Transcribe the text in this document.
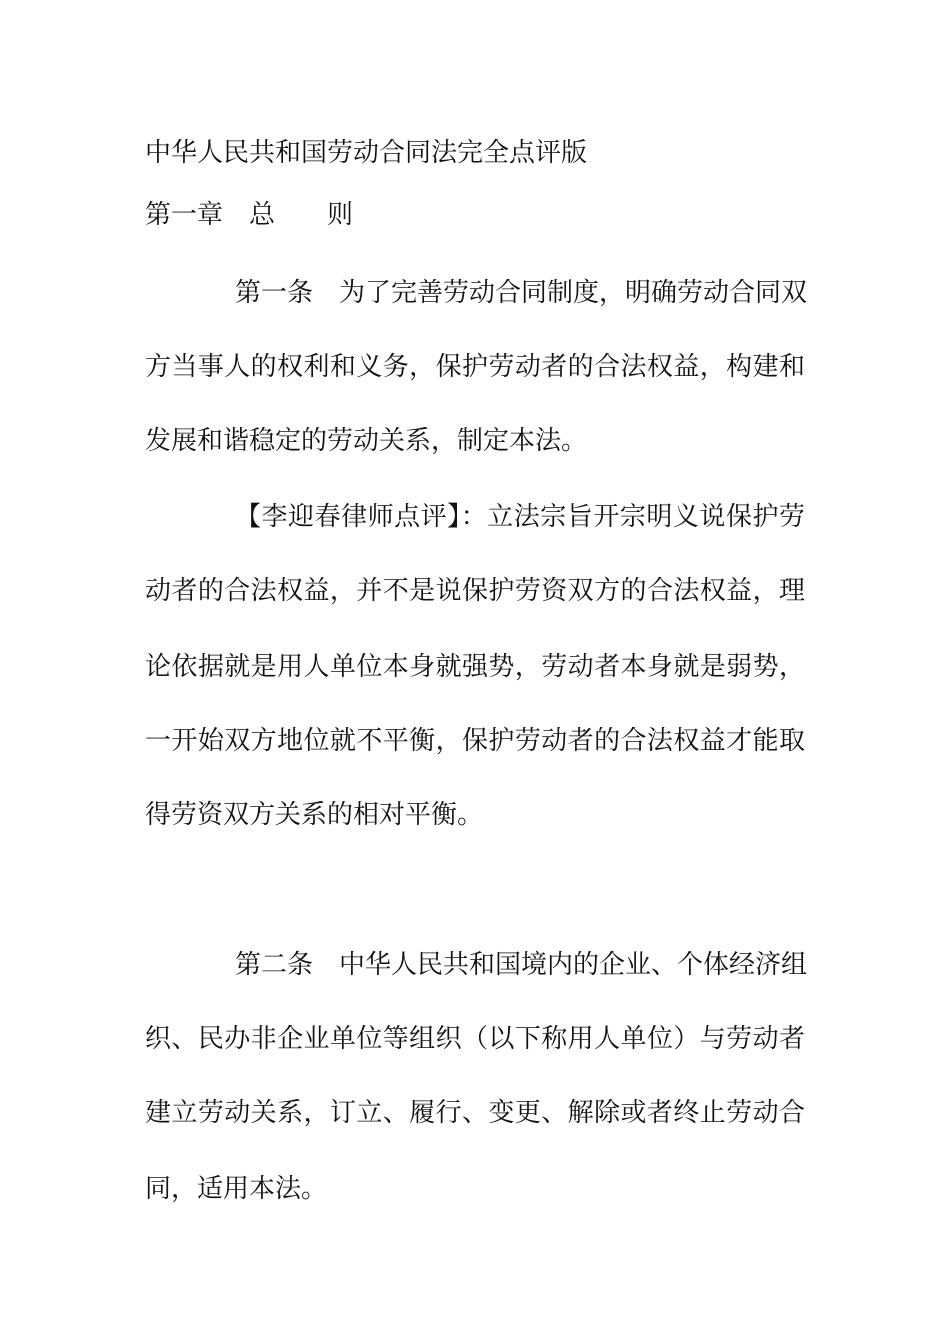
中华人民共和国劳动合同法完全点评版
第一章　总　　则
第一条　为了完善劳动合同制度，明确劳动合同双
方当事人的权利和义务，保护劳动者的合法权益，构建和
发展和谐稳定的劳动关系，制定本法。
【李迎春律师点评】：立法宗旨开宗明义说保护劳
动者的合法权益，并不是说保护劳资双方的合法权益，理
论依据就是用人单位本身就强势，劳动者本身就是弱势，
一开始双方地位就不平衡，保护劳动者的合法权益才能取
得劳资双方关系的相对平衡。
第二条　中华人民共和国境内的企业、个体经济组
织、民办非企业单位等组织（以下称用人单位）与劳动者
建立劳动关系，订立、履行、变更、解除或者终止劳动合
同，适用本法。
